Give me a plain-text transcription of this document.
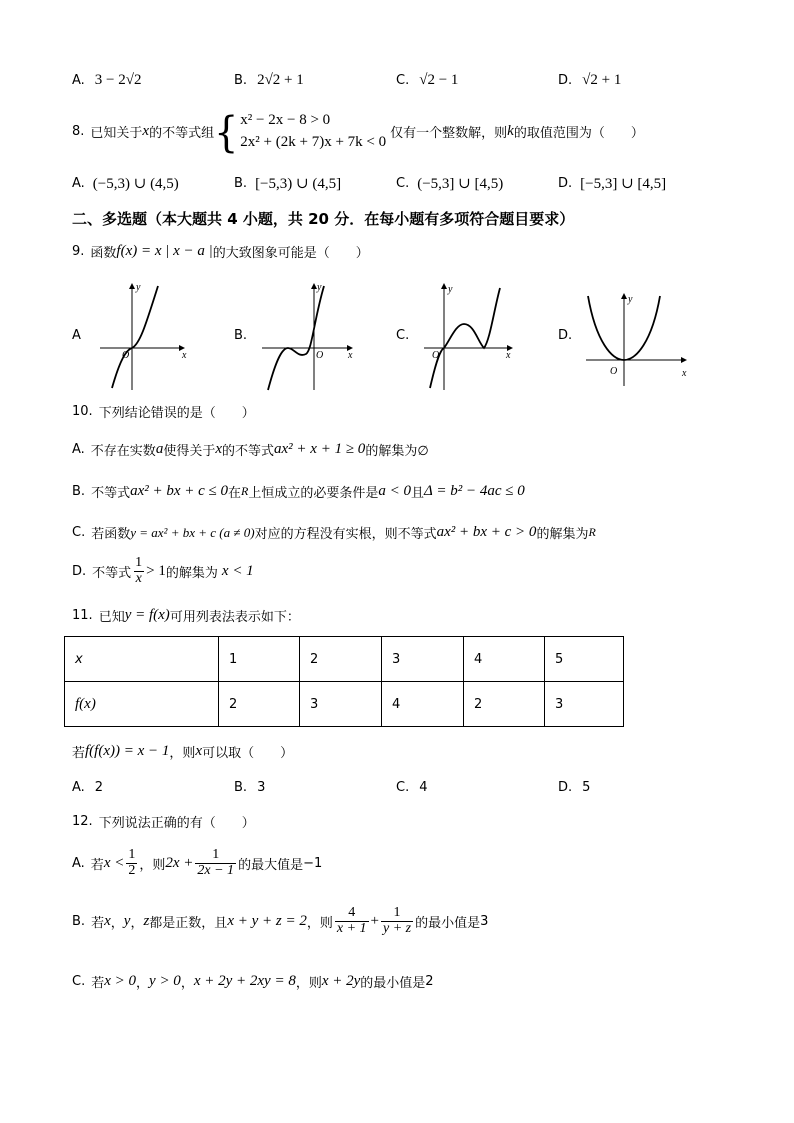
A. 3 − 2√2	B. 2√2 + 1	C. √2 − 1	D. √2 + 1
8. 已知关于 x 的不等式组 { x² − 2x − 8 > 0
2x² + (2k + 7)x + 7k < 0 仅有一个整数解，则 k 的取值范围为（　　）
A. (−5,3) ∪ (4,5)	B. [−5,3) ∪ (4,5]	C. (−5,3] ∪ [4,5)	D. [−5,3] ∪ [4,5]
二、多选题（本大题共 4 小题，共 20 分．在每小题有多项符合题目要求）
9. 函数 f(x) = x | x − a | 的大致图象可能是（　　）
A
x
y
O
B.
x
y
O
C.
x
y
O
D.
x
y
O
10. 下列结论错误的是（　　）
A. 不存在实数 a 使得关于 x 的不等式 ax² + x + 1 ≥ 0 的解集为∅
B. 不等式 ax² + bx + c ≤ 0 在 R 上恒成立的必要条件是 a < 0 且 Δ = b² − 4ac ≤ 0
C. 若函数 y = ax² + bx + c (a ≠ 0) 对应的方程没有实根，则不等式 ax² + bx + c > 0 的解集为 R
D. 不等式 $\frac{1}{x} > 1$ 的解集为 x < 1
11. 已知 y = f(x) 可用列表法表示如下：
x	1	2	3	4	5
f(x)	2	3	4	2	3
若 f(f(x)) = x − 1 ，则 x 可以取（　　）
A. 2	B. 3	C. 4	D. 5
12. 下列说法正确的有（　　）
A. 若 $x < \frac{1}{2}$ ，则 $2x + \frac{1}{2x - 1}$ 的最大值是 −1
B. 若 x ， y ， z 都是正数，且 x + y + z = 2 ，则 $\frac{4}{x + 1} + \frac{1}{y + z}$ 的最小值是 3
C. 若 x > 0 ， y > 0 ， x + 2y + 2xy = 8 ，则 x + 2y 的最小值是 2
